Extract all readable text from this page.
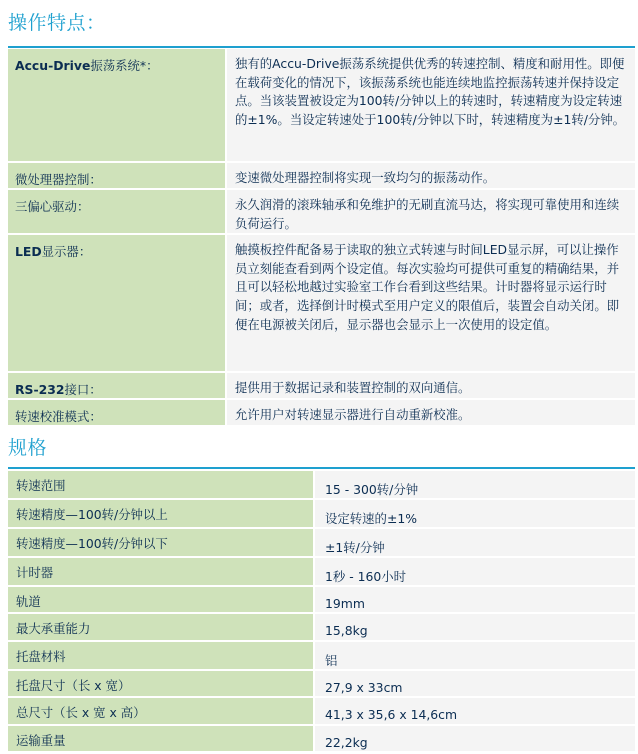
操作特点：
Accu-Drive振荡系统*：	独有的Accu-Drive振荡系统提供优秀的转速控制、精度和耐用性。即便在载荷变化的情况下，该振荡系统也能连续地监控振荡转速并保持设定点。当该装置被设定为100转/分钟以上的转速时，转速精度为设定转速的±1%。当设定转速处于100转/分钟以下时，转速精度为±1转/分钟。
微处理器控制：	变速微处理器控制将实现一致均匀的振荡动作。
三偏心驱动：	永久润滑的滚珠轴承和免维护的无刷直流马达，将实现可靠使用和连续负荷运行。
LED显示器：	触摸板控件配备易于读取的独立式转速与时间LED显示屏，可以让操作员立刻能查看到两个设定值。每次实验均可提供可重复的精确结果，并且可以轻松地越过实验室工作台看到这些结果。计时器将显示运行时间；或者，选择倒计时模式至用户定义的限值后，装置会自动关闭。即便在电源被关闭后，显示器也会显示上一次使用的设定值。
RS-232接口：	提供用于数据记录和装置控制的双向通信。
转速校准模式：	允许用户对转速显示器进行自动重新校准。
规格
转速范围	15 - 300转/分钟
转速精度—100转/分钟以上	设定转速的±1%
转速精度—100转/分钟以下	±1转/分钟
计时器	1秒 - 160小时
轨道	19mm
最大承重能力	15,8kg
托盘材料	铝
托盘尺寸（长 x 宽）	27,9 x 33cm
总尺寸（长 x 宽 x 高）	41,3 x 35,6 x 14,6cm
运输重量	22,2kg
